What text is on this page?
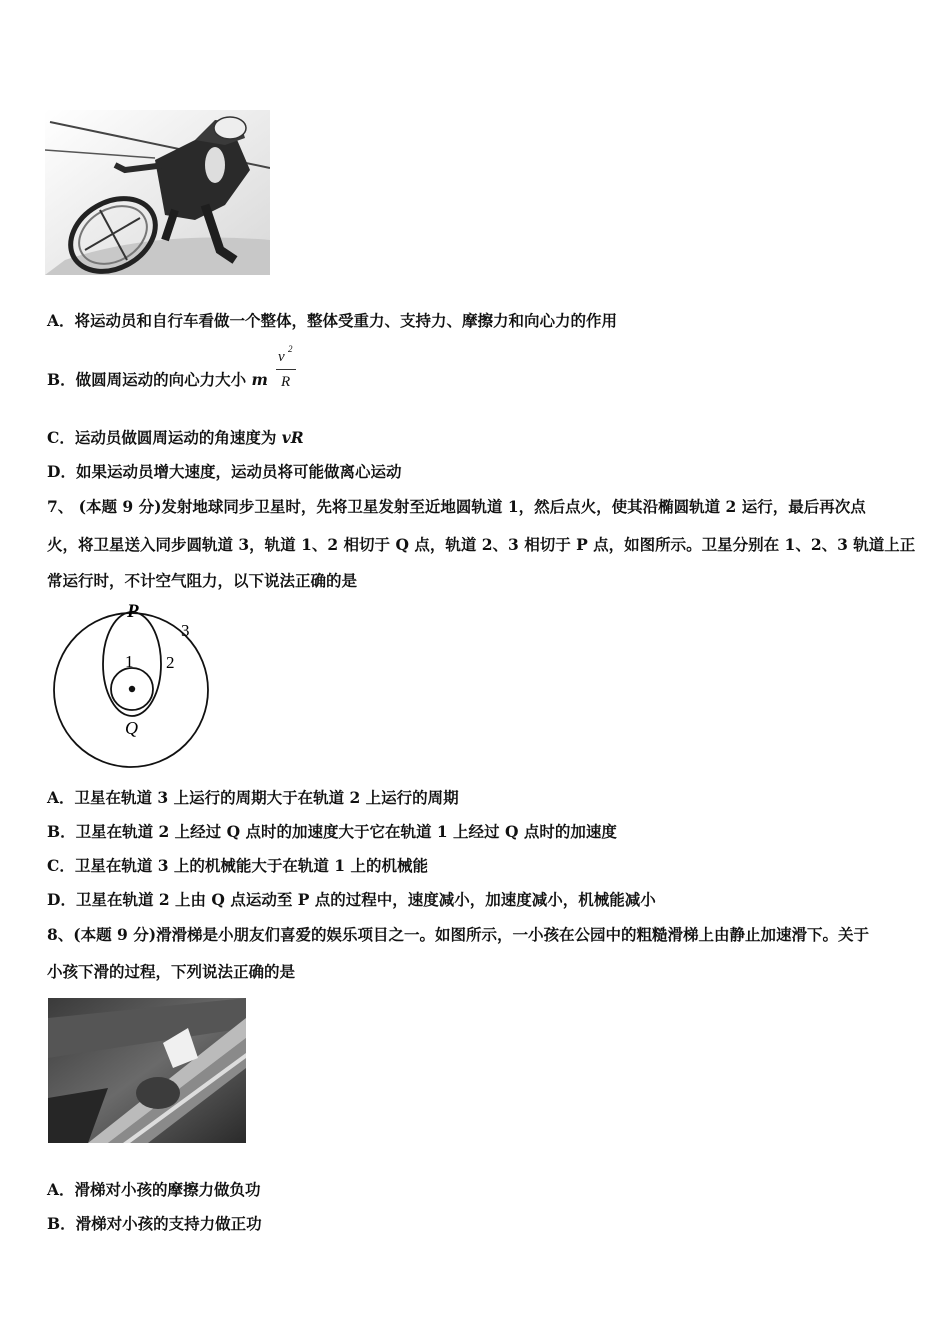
A．将运动员和自行车看做一个整体，整体受重力、支持力、摩擦力和向心力的作用
B．做圆周运动的向心力大小 m
v 2
R
C．运动员做圆周运动的角速度为 vR
D．如果运动员增大速度，运动员将可能做离心运动
7、 (本题 9 分)发射地球同步卫星时，先将卫星发射至近地圆轨道 1，然后点火，使其沿椭圆轨道 2 运行，最后再次点
火，将卫星送入同步圆轨道 3，轨道 1、2 相切于 Q 点，轨道 2、3 相切于 P 点，如图所示。卫星分别在 1、2、3 轨道上正
常运行时，不计空气阻力，以下说法正确的是
P
Q
1 2
3
A．卫星在轨道 3 上运行的周期大于在轨道 2 上运行的周期
B．卫星在轨道 2 上经过 Q 点时的加速度大于它在轨道 1 上经过 Q 点时的加速度
C．卫星在轨道 3 上的机械能大于在轨道 1 上的机械能
D．卫星在轨道 2 上由 Q 点运动至 P 点的过程中，速度减小，加速度减小，机械能减小
8、(本题 9 分)滑滑梯是小朋友们喜爱的娱乐项目之一。如图所示，一小孩在公园中的粗糙滑梯上由静止加速滑下。关于
小孩下滑的过程，下列说法正确的是
A．滑梯对小孩的摩擦力做负功
B．滑梯对小孩的支持力做正功
